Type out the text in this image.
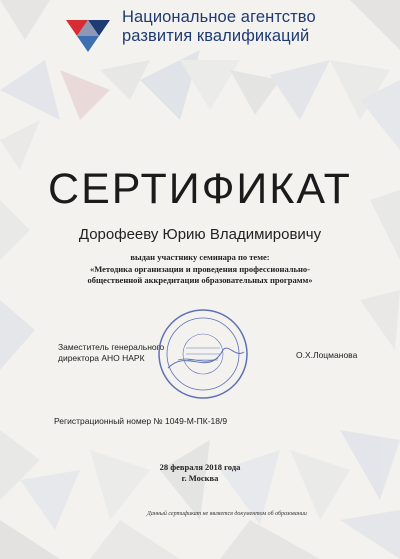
Национальное агентство
развития квалификаций
СЕРТИФИКАТ
Дорофееву Юрию Владимировичу
выдан участнику семинара по теме:
«Методика организации и проведения профессионально-
общественной аккредитации образовательных программ»
Заместитель генерального
директора АНО НАРК	О.Х.Лоцманова
Регистрационный номер № 1049-М-ПК-18/9
28 февраля 2018 года
г. Москва
Данный сертификат не является документом об образовании
